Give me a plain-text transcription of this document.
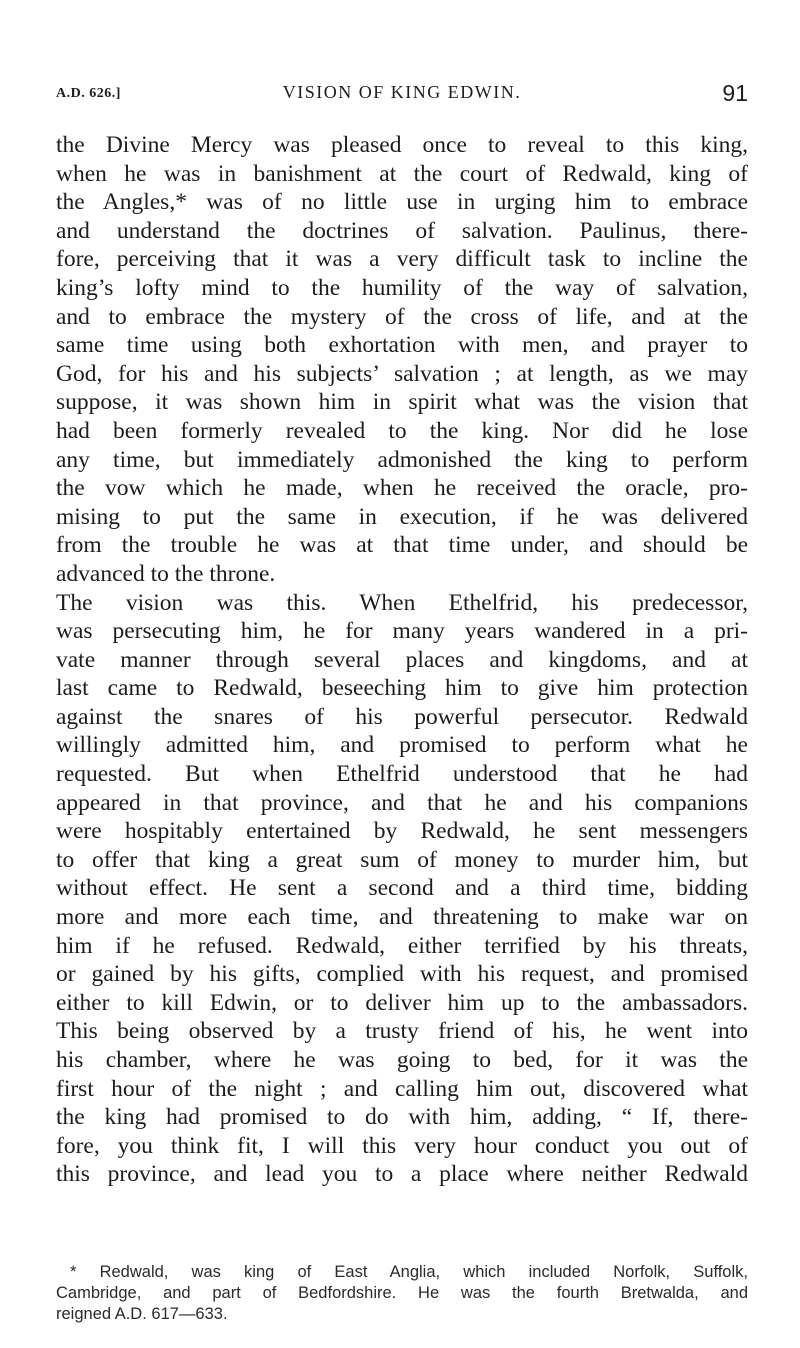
A.D. 626.]	VISION OF KING EDWIN.	91
the Divine Mercy was pleased once to reveal to this king,
when he was in banishment at the court of Redwald, king of
the Angles,* was of no little use in urging him to embrace
and understand the doctrines of salvation. Paulinus, there-
fore, perceiving that it was a very difficult task to incline the
king’s lofty mind to the humility of the way of salvation,
and to embrace the mystery of the cross of life, and at the
same time using both exhortation with men, and prayer to
God, for his and his subjects’ salvation ; at length, as we may
suppose, it was shown him in spirit what was the vision that
had been formerly revealed to the king. Nor did he lose
any time, but immediately admonished the king to perform
the vow which he made, when he received the oracle, pro-
mising to put the same in execution, if he was delivered
from the trouble he was at that time under, and should be
advanced to the throne.
The vision was this. When Ethelfrid, his predecessor,
was persecuting him, he for many years wandered in a pri-
vate manner through several places and kingdoms, and at
last came to Redwald, beseeching him to give him protection
against the snares of his powerful persecutor. Redwald
willingly admitted him, and promised to perform what he
requested. But when Ethelfrid understood that he had
appeared in that province, and that he and his companions
were hospitably entertained by Redwald, he sent messengers
to offer that king a great sum of money to murder him, but
without effect. He sent a second and a third time, bidding
more and more each time, and threatening to make war on
him if he refused. Redwald, either terrified by his threats,
or gained by his gifts, complied with his request, and promised
either to kill Edwin, or to deliver him up to the ambassadors.
This being observed by a trusty friend of his, he went into
his chamber, where he was going to bed, for it was the
first hour of the night ; and calling him out, discovered what
the king had promised to do with him, adding, “ If, there-
fore, you think fit, I will this very hour conduct you out of
this province, and lead you to a place where neither Redwald
* Redwald, was king of East Anglia, which included Norfolk, Suffolk,
Cambridge, and part of Bedfordshire. He was the fourth Bretwalda, and
reigned A.D. 617—633.
